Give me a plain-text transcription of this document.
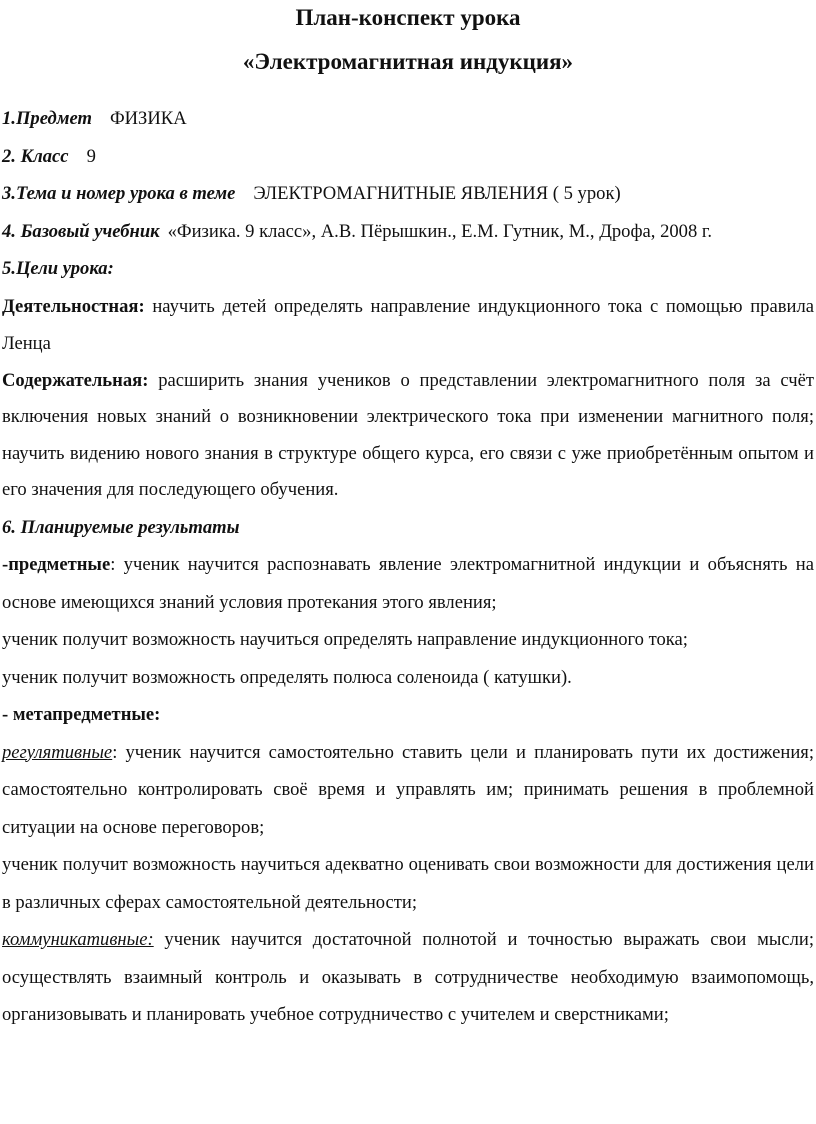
План-конспект урока

«Электромагнитная индукция»

1.Предмет ФИЗИКА

2. Класс 9

3.Тема и номер урока в теме ЭЛЕКТРОМАГНИТНЫЕ ЯВЛЕНИЯ ( 5 урок)

4. Базовый учебник «Физика. 9 класс», А.В. Пёрышкин., Е.М. Гутник, М., Дрофа, 2008 г.

5.Цели урока:

Деятельностная: научить детей определять направление индукционного тока с помощью правила Ленца

Содержательная: расширить знания учеников о представлении электромагнитного поля за счёт включения новых знаний о возникновении электрического тока при изменении магнитного поля; научить видению нового знания в структуре общего курса, его связи с уже приобретённым опытом и его значения для последующего обучения.

6. Планируемые результаты

-предметные: ученик научится распознавать явление электромагнитной индукции и объяснять на основе имеющихся знаний условия протекания этого явления;

ученик получит возможность научиться определять направление индукционного тока;

ученик получит возможность определять полюса соленоида ( катушки).

- метапредметные:

регулятивные: ученик научится самостоятельно ставить цели и планировать пути их достижения; самостоятельно контролировать своё время и управлять им; принимать решения в проблемной ситуации на основе переговоров;

ученик получит возможность научиться адекватно оценивать свои возможности для достижения цели в различных сферах самостоятельной деятельности;

коммуникативные: ученик научится достаточной полнотой и точностью выражать свои мысли; осуществлять взаимный контроль и оказывать в сотрудничестве необходимую взаимопомощь, организовывать и планировать учебное сотрудничество с учителем и сверстниками;
